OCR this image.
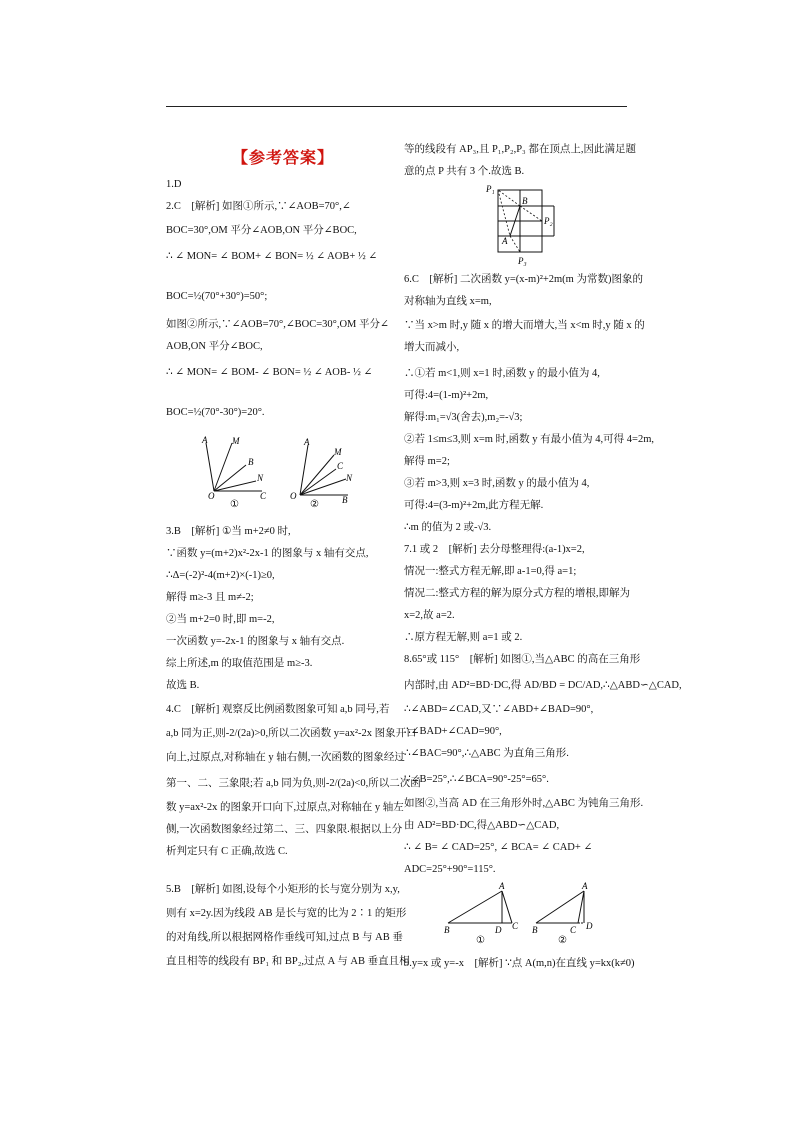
【参考答案】
1.D
2.C　[解析] 如图①所示,∵∠AOB=70°,∠
BOC=30°,OM 平分∠AOB,ON 平分∠BOC,
∴ ∠ MON= ∠ BOM+ ∠ BON= ½ ∠ AOB+ ½ ∠
BOC=½(70°+30°)=50°;
如图②所示,∵∠AOB=70°,∠BOC=30°,OM 平分∠
AOB,ON 平分∠BOC,
∴ ∠ MON= ∠ BOM- ∠ BON= ½ ∠ AOB- ½ ∠
BOC=½(70°-30°)=20°.
3.B　[解析] ①当 m+2≠0 时,
∵函数 y=(m+2)x²-2x-1 的图象与 x 轴有交点,
∴Δ=(-2)²-4(m+2)×(-1)≥0,
解得 m≥-3 且 m≠-2;
②当 m+2=0 时,即 m=-2,
一次函数 y=-2x-1 的图象与 x 轴有交点.
综上所述,m 的取值范围是 m≥-3.
故选 B.
4.C　[解析] 观察反比例函数图象可知 a,b 同号,若
a,b 同为正,则-2/(2a)>0,所以二次函数 y=ax²-2x 图象开口
向上,过原点,对称轴在 y 轴右侧,一次函数的图象经过
第一、二、三象限;若 a,b 同为负,则-2/(2a)<0,所以二次函
数 y=ax²-2x 的图象开口向下,过原点,对称轴在 y 轴左
侧,一次函数图象经过第二、三、四象限.根据以上分
析判定只有 C 正确,故选 C.
5.B　[解析] 如图,设每个小矩形的长与宽分别为 x,y,
则有 x=2y.因为线段 AB 是长与宽的比为 2∶1 的矩形
的对角线,所以根据网格作垂线可知,过点 B 与 AB 垂
直且相等的线段有 BP₁ 和 BP₂,过点 A 与 AB 垂直且相
A	M
B
N
O	C
①
A
M
C
N
O	B
②
等的线段有 AP₃,且 P₁,P₂,P₃ 都在顶点上,因此满足题
意的点 P 共有 3 个.故选 B.
6.C　[解析] 二次函数 y=(x-m)²+2m(m 为常数)图象的
对称轴为直线 x=m,
∵当 x>m 时,y 随 x 的增大而增大,当 x<m 时,y 随 x 的
增大而减小,
∴①若 m<1,则 x=1 时,函数 y 的最小值为 4,
可得:4=(1-m)²+2m,
解得:m₁=√3(舍去),m₂=-√3;
②若 1≤m≤3,则 x=m 时,函数 y 有最小值为 4,可得 4=2m,
解得 m=2;
③若 m>3,则 x=3 时,函数 y 的最小值为 4,
可得:4=(3-m)²+2m,此方程无解.
∴m 的值为 2 或-√3.
7.1 或 2　[解析] 去分母整理得:(a-1)x=2,
情况一:整式方程无解,即 a-1=0,得 a=1;
情况二:整式方程的解为原分式方程的增根,即解为
x=2,故 a=2.
∴原方程无解,则 a=1 或 2.
8.65°或 115°　[解析] 如图①,当△ABC 的高在三角形
内部时,由 AD²=BD·DC,得 AD/BD = DC/AD,∴△ABD∽△CAD,
∴∠ABD=∠CAD,又∵∠ABD+∠BAD=90°,
∴∠BAD+∠CAD=90°,
∴∠BAC=90°,∴△ABC 为直角三角形.
∵∠B=25°,∴∠BCA=90°-25°=65°.
如图②,当高 AD 在三角形外时,△ABC 为钝角三角形.
由 AD²=BD·DC,得△ABD∽△CAD,
∴ ∠ B= ∠ CAD=25°, ∠ BCA= ∠ CAD+ ∠
ADC=25°+90°=115°.
9.y=x 或 y=-x　[解析] ∵点 A(m,n)在直线 y=kx(k≠0)
P₁
B
P₂
A
P₃
A
B	D C
①
A
B	C D
②
